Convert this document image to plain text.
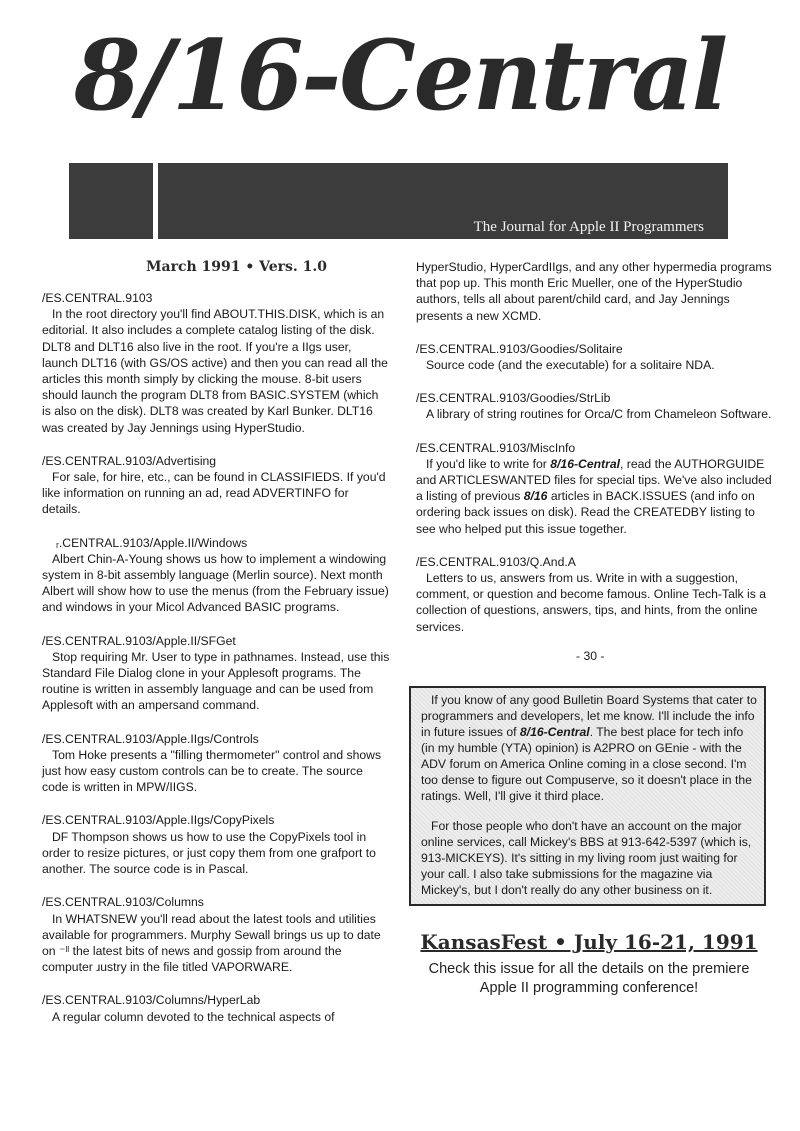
8/16-Central
The Journal for Apple II Programmers
March 1991 • Vers. 1.0
/ES.CENTRAL.9103
In the root directory you'll find ABOUT.THIS.DISK, which is an editorial. It also includes a complete catalog listing of the disk. DLT8 and DLT16 also live in the root. If you're a IIgs user, launch DLT16 (with GS/OS active) and then you can read all the articles this month simply by clicking the mouse. 8-bit users should launch the program DLT8 from BASIC.SYSTEM (which is also on the disk). DLT8 was created by Karl Bunker. DLT16 was created by Jay Jennings using HyperStudio.
/ES.CENTRAL.9103/Advertising
For sale, for hire, etc., can be found in CLASSIFIEDS. If you'd like information on running an ad, read ADVERTINFO for details.
ᵣ.CENTRAL.9103/Apple.II/Windows
Albert Chin-A-Young shows us how to implement a windowing system in 8-bit assembly language (Merlin source). Next month Albert will show how to use the menus (from the February issue) and windows in your Micol Advanced BASIC programs.
/ES.CENTRAL.9103/Apple.II/SFGet
Stop requiring Mr. User to type in pathnames. Instead, use this Standard File Dialog clone in your Applesoft programs. The routine is written in assembly language and can be used from Applesoft with an ampersand command.
/ES.CENTRAL.9103/Apple.IIgs/Controls
Tom Hoke presents a "filling thermometer" control and shows just how easy custom controls can be to create. The source code is written in MPW/IIGS.
/ES.CENTRAL.9103/Apple.IIgs/CopyPixels
DF Thompson shows us how to use the CopyPixels tool in order to resize pictures, or just copy them from one grafport to another. The source code is in Pascal.
/ES.CENTRAL.9103/Columns
In WHATSNEW you'll read about the latest tools and utilities available for programmers. Murphy Sewall brings us up to date on ⁻ˡˡ the latest bits of news and gossip from around the computer ɹustry in the file titled VAPORWARE.
/ES.CENTRAL.9103/Columns/HyperLab
A regular column devoted to the technical aspects of
HyperStudio, HyperCardIIgs, and any other hypermedia programs that pop up. This month Eric Mueller, one of the HyperStudio authors, tells all about parent/child card, and Jay Jennings presents a new XCMD.
/ES.CENTRAL.9103/Goodies/Solitaire
Source code (and the executable) for a solitaire NDA.
/ES.CENTRAL.9103/Goodies/StrLib
A library of string routines for Orca/C from Chameleon Software.
/ES.CENTRAL.9103/MiscInfo
If you'd like to write for 8/16-Central, read the AUTHORGUIDE and ARTICLESWANTED files for special tips. We've also included a listing of previous 8/16 articles in BACK.ISSUES (and info on ordering back issues on disk). Read the CREATEDBY listing to see who helped put this issue together.
/ES.CENTRAL.9103/Q.And.A
Letters to us, answers from us. Write in with a suggestion, comment, or question and become famous. Online Tech-Talk is a collection of questions, answers, tips, and hints, from the online services.
- 30 -

If you know of any good Bulletin Board Systems that cater to programmers and developers, let me know. I'll include the info in future issues of 8/16-Central. The best place for tech info (in my humble (YTA) opinion) is A2PRO on GEnie - with the ADV forum on America Online coming in a close second. I'm too dense to figure out Compuserve, so it doesn't place in the ratings. Well, I'll give it third place.

For those people who don't have an account on the major online services, call Mickey's BBS at 913-642-5397 (which is, 913-MICKEYS). It's sitting in my living room just waiting for your call. I also take submissions for the magazine via Mickey's, but I don't really do any other business on it.

KansasFest • July 16-21, 1991
Check this issue for all the details on the premiere Apple II programming conference!
